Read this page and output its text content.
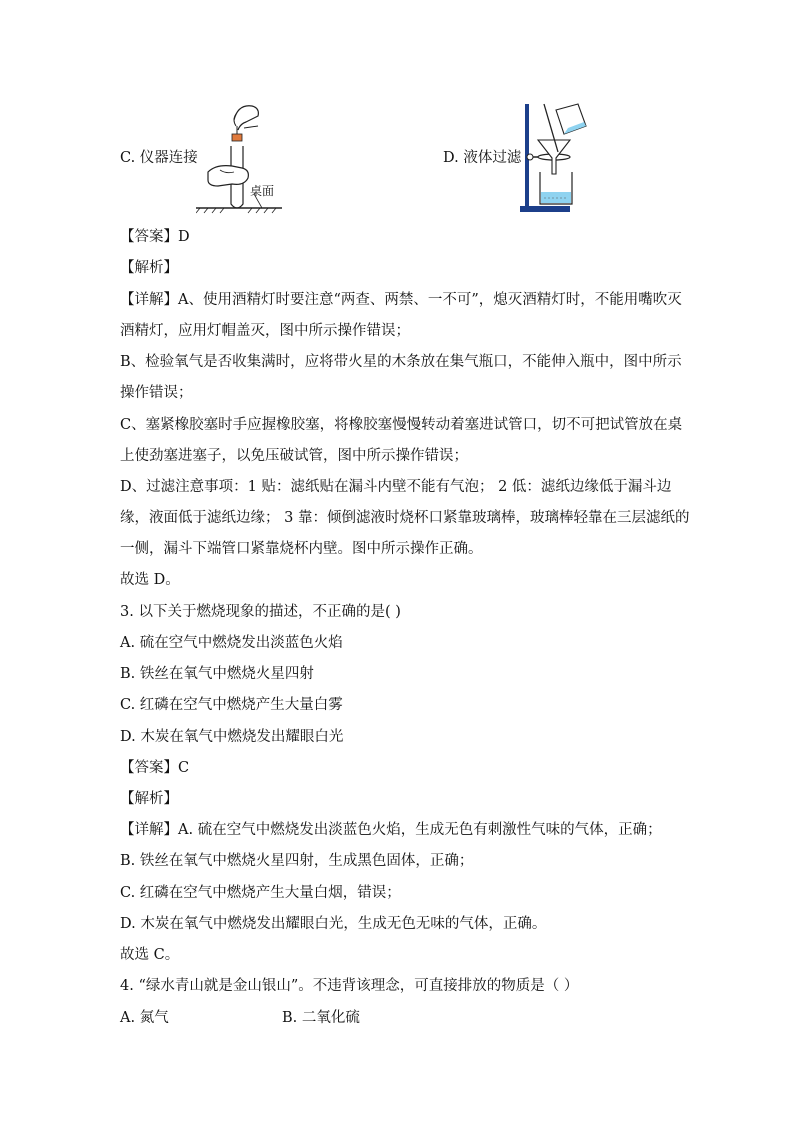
C. 仪器连接
桌面
D. 液体过滤
【答案】D
【解析】
【详解】A、使用酒精灯时要注意“两查、两禁、一不可”，熄灭酒精灯时，不能用嘴吹灭
酒精灯，应用灯帽盖灭，图中所示操作错误；
B、检验氧气是否收集满时，应将带火星的木条放在集气瓶口，不能伸入瓶中，图中所示
操作错误；
C、塞紧橡胶塞时手应握橡胶塞，将橡胶塞慢慢转动着塞进试管口，切不可把试管放在桌
上使劲塞进塞子，以免压破试管，图中所示操作错误；
D、过滤注意事项：1 贴：滤纸贴在漏斗内壁不能有气泡； 2 低：滤纸边缘低于漏斗边
缘，液面低于滤纸边缘； 3 靠：倾倒滤液时烧杯口紧靠玻璃棒，玻璃棒轻靠在三层滤纸的
一侧，漏斗下端管口紧靠烧杯内壁。图中所示操作正确。
故选 D。
3. 以下关于燃烧现象的描述，不正确的是( )
A. 硫在空气中燃烧发出淡蓝色火焰
B. 铁丝在氧气中燃烧火星四射
C. 红磷在空气中燃烧产生大量白雾
D. 木炭在氧气中燃烧发出耀眼白光
【答案】C
【解析】
【详解】A. 硫在空气中燃烧发出淡蓝色火焰，生成无色有刺激性气味的气体，正确；
B. 铁丝在氧气中燃烧火星四射，生成黑色固体，正确；
C. 红磷在空气中燃烧产生大量白烟，错误；
D. 木炭在氧气中燃烧发出耀眼白光，生成无色无味的气体，正确。
故选 C。
4. “绿水青山就是金山银山”。不违背该理念，可直接排放的物质是（ ）
A. 氮气	B. 二氧化硫
